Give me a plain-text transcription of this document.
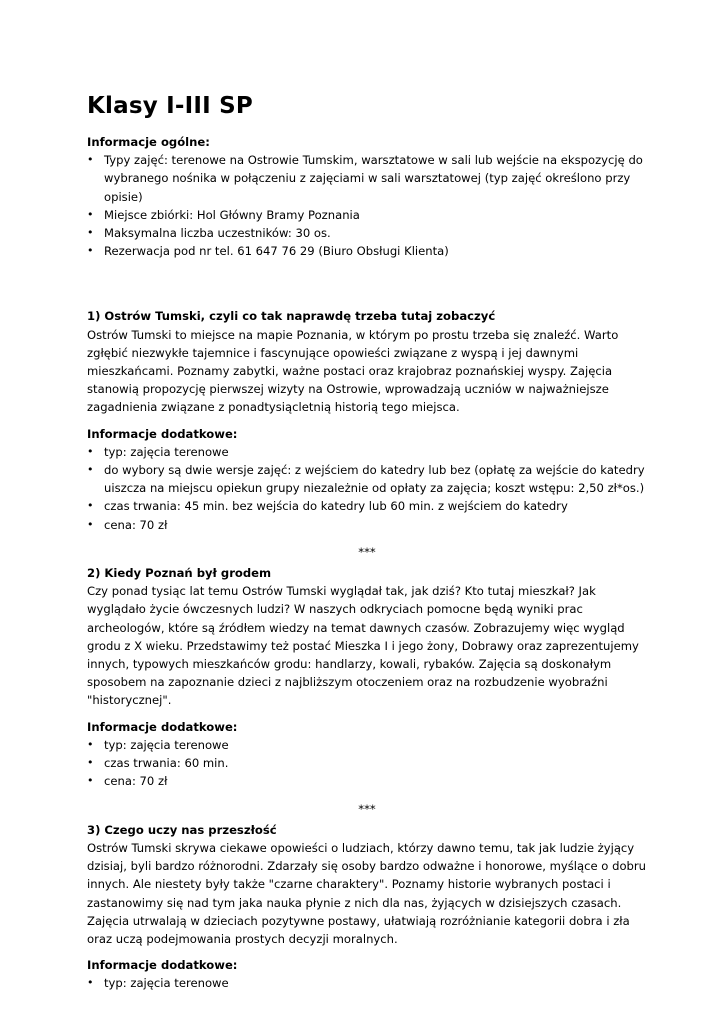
Klasy I-III SP

Informacje ogólne:

• Typy zajęć: terenowe na Ostrowie Tumskim, warsztatowe w sali lub wejście na ekspozycję do wybranego nośnika w połączeniu z zajęciami w sali warsztatowej (typ zajęć określono przy opisie)
• Miejsce zbiórki: Hol Główny Bramy Poznania
• Maksymalna liczba uczestników: 30 os.
• Rezerwacja pod nr tel. 61 647 76 29 (Biuro Obsługi Klienta)

1) Ostrów Tumski, czyli co tak naprawdę trzeba tutaj zobaczyć

Ostrów Tumski to miejsce na mapie Poznania, w którym po prostu trzeba się znaleźć. Warto zgłębić niezwykłe tajemnice i fascynujące opowieści związane z wyspą i jej dawnymi mieszkańcami. Poznamy zabytki, ważne postaci oraz krajobraz poznańskiej wyspy. Zajęcia stanowią propozycję pierwszej wizyty na Ostrowie, wprowadzają uczniów w najważniejsze zagadnienia związane z ponadtysiącletnią historią tego miejsca.

Informacje dodatkowe:

• typ: zajęcia terenowe
• do wybory są dwie wersje zajęć: z wejściem do katedry lub bez (opłatę za wejście do katedry uiszcza na miejscu opiekun grupy niezależnie od opłaty za zajęcia; koszt wstępu: 2,50 zł*os.)
• czas trwania: 45 min. bez wejścia do katedry lub 60 min. z wejściem do katedry
• cena: 70 zł

***

2) Kiedy Poznań był grodem

Czy ponad tysiąc lat temu Ostrów Tumski wyglądał tak, jak dziś? Kto tutaj mieszkał? Jak wyglądało życie ówczesnych ludzi? W naszych odkryciach pomocne będą wyniki prac archeologów, które są źródłem wiedzy na temat dawnych czasów. Zobrazujemy więc wygląd grodu z X wieku. Przedstawimy też postać Mieszka I i jego żony, Dobrawy oraz zaprezentujemy innych, typowych mieszkańców grodu: handlarzy, kowali, rybaków. Zajęcia są doskonałym sposobem na zapoznanie dzieci z najbliższym otoczeniem oraz na rozbudzenie wyobraźni "historycznej".

Informacje dodatkowe:

• typ: zajęcia terenowe
• czas trwania: 60 min.
• cena: 70 zł

***

3) Czego uczy nas przeszłość

Ostrów Tumski skrywa ciekawe opowieści o ludziach, którzy dawno temu, tak jak ludzie żyjący dzisiaj, byli bardzo różnorodni. Zdarzały się osoby bardzo odważne i honorowe, myślące o dobru innych. Ale niestety były także "czarne charaktery". Poznamy historie wybranych postaci i zastanowimy się nad tym jaka nauka płynie z nich dla nas, żyjących w dzisiejszych czasach. Zajęcia utrwalają w dzieciach pozytywne postawy, ułatwiają rozróżnianie kategorii dobra i zła oraz uczą podejmowania prostych decyzji moralnych.

Informacje dodatkowe:

• typ: zajęcia terenowe
